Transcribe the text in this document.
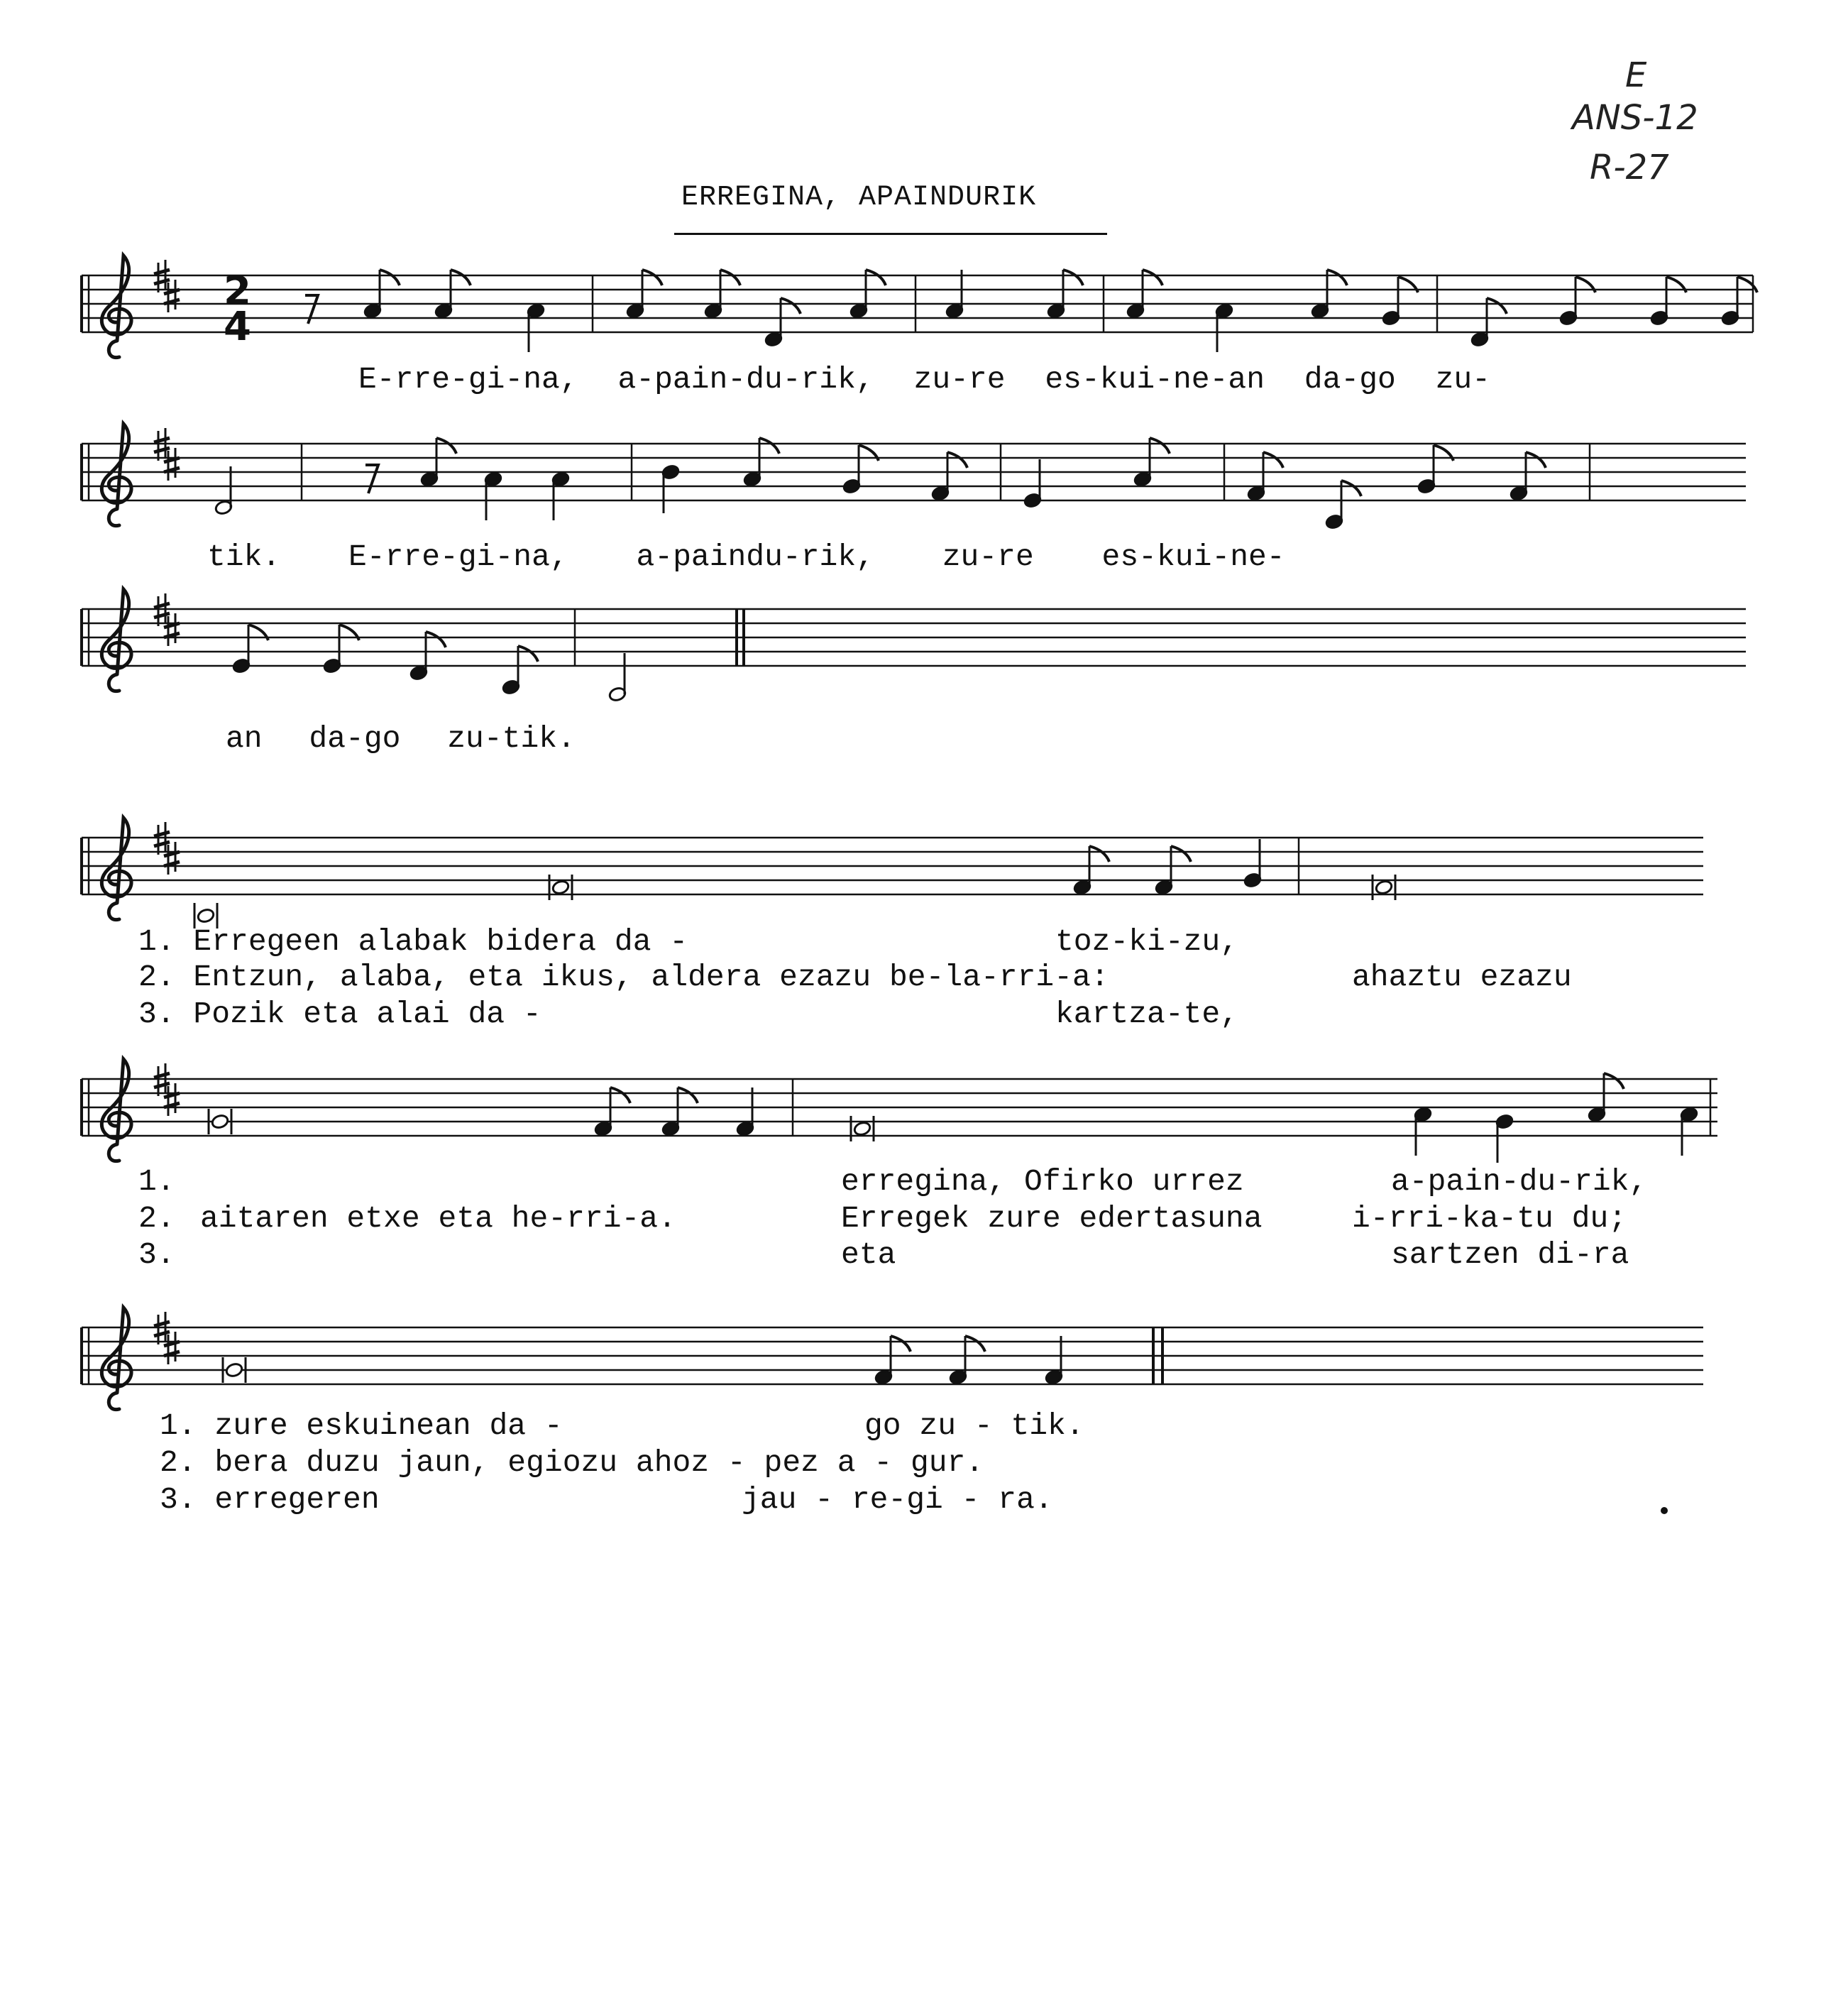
E
ANS-12
R-27
ERREGINA, APAINDURIK
2
4
E-rre-gi-na, a-pain-du-rik, zu-re es-kui-ne-an da-go zu-
tik. E-rre-gi-na, a-paindu-rik, zu-re es-kui-ne-
an da-go zu-tik.
1. Erregeen alabak bidera da -	toz-ki-zu,
2. Entzun, alaba, eta ikus, aldera ezazu be-la-rri-a:	ahaztu ezazu
3. Pozik eta alai da -	kartza-te,
1.	erregina, Ofirko urrez	a-pain-du-rik,
2. aitaren etxe eta he-rri-a.	Erregek zure edertasuna	i-rri-ka-tu du;
3.	eta	sartzen di-ra
1. zure eskuinean da -	go zu - tik.
2. bera duzu jaun, egiozu ahoz - pez a - gur.
3. erregeren	jau - re-gi - ra.
